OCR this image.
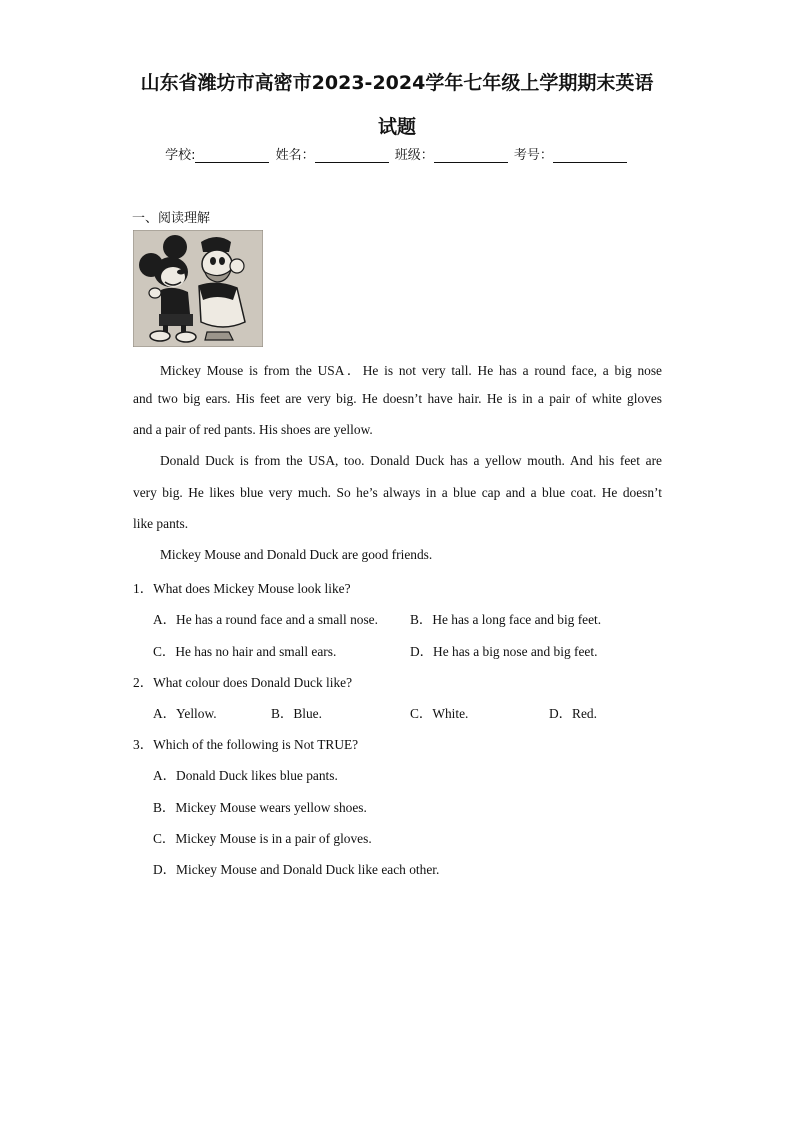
山东省潍坊市高密市2023-2024学年七年级上学期期末英语
试题
学校:	姓名：	班级：	考号：
一、阅读理解
Mickey Mouse is from the USA．He is not very tall. He has a round face, a big nose
and two big ears. His feet are very big. He doesn’t have hair. He is in a pair of white gloves
and a pair of red pants. His shoes are yellow.
Donald Duck is from the USA, too. Donald Duck has a yellow mouth. And his feet are
very big. He likes blue very much. So he’s always in a blue cap and a blue coat. He doesn’t
like pants.
Mickey Mouse and Donald Duck are good friends.
1．What does Mickey Mouse look like?
A．He has a round face and a small nose. B．He has a long face and big feet.
C．He has no hair and small ears.	D．He has a big nose and big feet.
2．What colour does Donald Duck like?
A．Yellow.	B．Blue.	C．White.	D．Red.
3．Which of the following is Not TRUE?
A．Donald Duck likes blue pants.
B．Mickey Mouse wears yellow shoes.
C．Mickey Mouse is in a pair of gloves.
D．Mickey Mouse and Donald Duck like each other.
